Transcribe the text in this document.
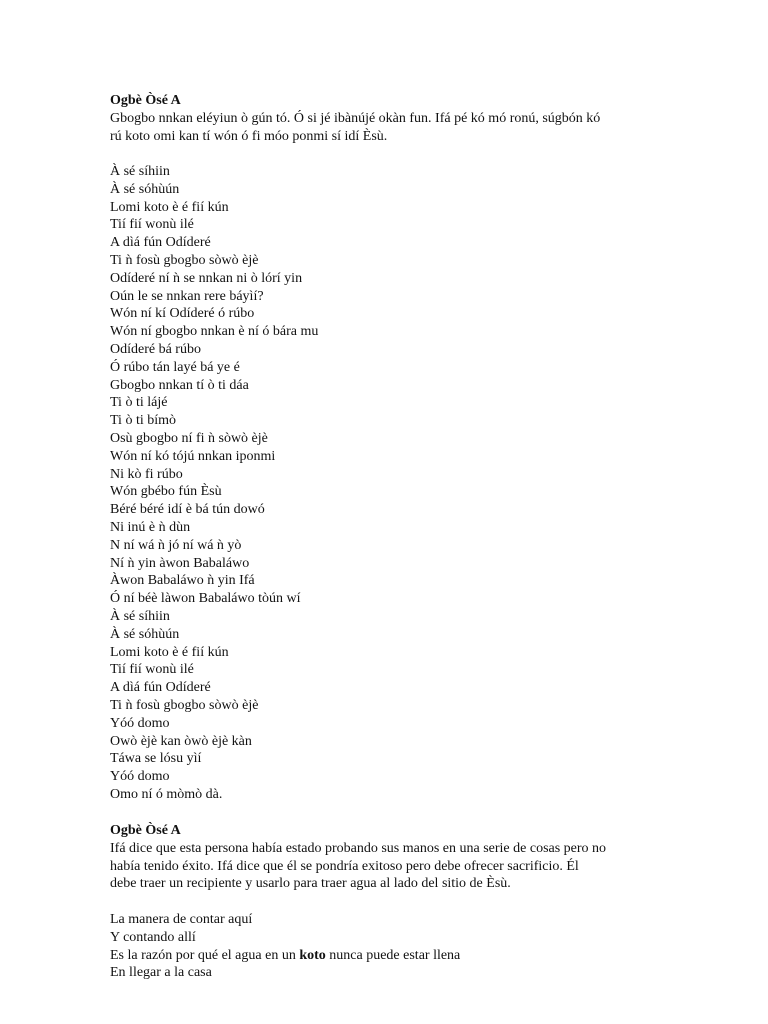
Ogbè Òsé A
Gbogbo nnkan eléyiun ò gún tó. Ó si jé ibànújé okàn fun. Ifá pé kó mó ronú, súgbón kó
rú koto omi kan tí wón ó fi móo ponmi sí idí Èsù.
À sé síhiin
À sé sóhùún
Lomi koto è é fií kún
Tií fií wonù ilé
A dìá fún Odíderé
Ti ǹ fosù gbogbo sòwò èjè
Odíderé ní ǹ se nnkan ni ò lórí yin
Oún le se nnkan rere báyìí?
Wón ní kí Odíderé ó rúbo
Wón ní gbogbo nnkan è ní ó bára mu
Odíderé bá rúbo
Ó rúbo tán layé bá ye é
Gbogbo nnkan tí ò ti dáa
Ti ò ti lájé
Ti ò ti bímò
Osù gbogbo ní fi ǹ sòwò èjè
Wón ní kó tójú nnkan iponmi
Ni kò fi rúbo
Wón gbébo fún Èsù
Béré béré idí è bá tún dowó
Ni inú è ǹ dùn
N ní wá ǹ jó ní wá ǹ yò
Ní ǹ yin àwon Babaláwo
Àwon Babaláwo ǹ yin Ifá
Ó ní béè làwon Babaláwo tòún wí
À sé síhiin
À sé sóhùún
Lomi koto è é fií kún
Tií fií wonù ilé
A dìá fún Odíderé
Ti ǹ fosù gbogbo sòwò èjè
Yóó domo
Owò èjè kan òwò èjè kàn
Táwa se lósu yìí
Yóó domo
Omo ní ó mòmò dà.
Ogbè Òsé A
Ifá dice que esta persona había estado probando sus manos en una serie de cosas pero no
había tenido éxito. Ifá dice que él se pondría exitoso pero debe ofrecer sacrificio. Él
debe traer un recipiente y usarlo para traer agua al lado del sitio de Èsù.
La manera de contar aquí
Y contando allí
Es la razón por qué el agua en un koto nunca puede estar llena
En llegar a la casa
